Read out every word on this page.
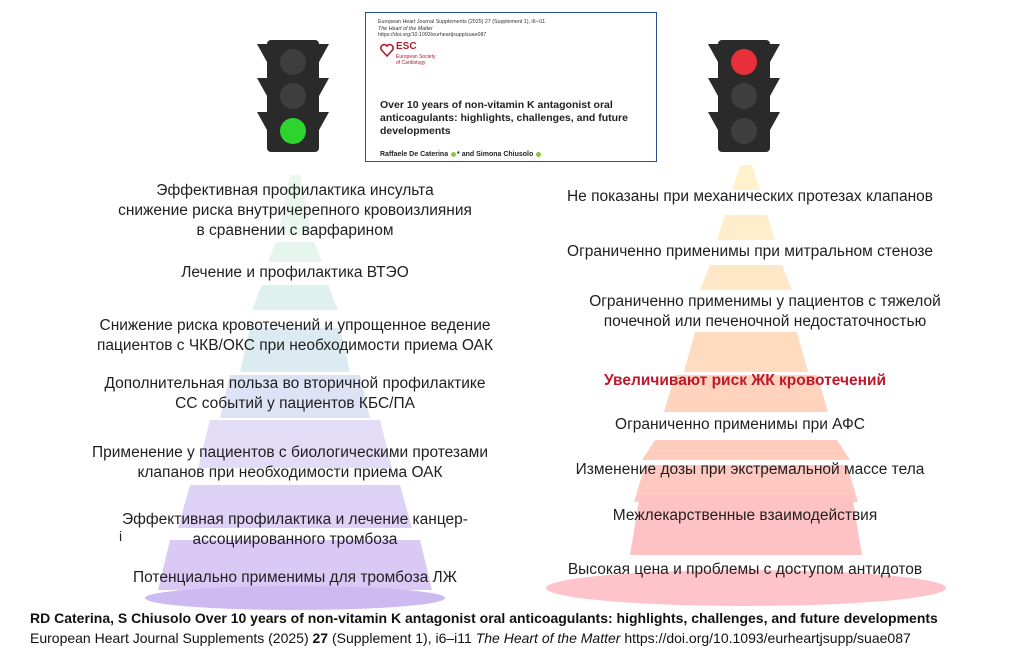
European Heart Journal Supplements (2025) 27 (Supplement 1), i6–i11
The Heart of the Matter
https://doi.org/10.1093/eurheartjsupp/suae087
ESC
European Society
of Cardiology
Over 10 years of non-vitamin K antagonist oral anticoagulants: highlights, challenges, and future developments
Raffaele De Caterina * and Simona Chiusolo
Эффективная профилактика инсульта
снижение риска внутричерепного кровоизлияния
в сравнении с варфарином
Лечение и профилактика ВТЭО
Снижение риска кровотечений и упрощенное ведение
пациентов с ЧКВ/ОКС при необходимости приема ОАК
Дополнительная польза во вторичной профилактике
СС событий у пациентов КБС/ПА
Применение у пациентов с биологическими протезами
клапанов при необходимости приема ОАК
Эффективная профилактика и лечение канцер-
ассоциированного тромбоза
i
Потенциально применимы для тромбоза ЛЖ
Не показаны при механических протезах клапанов
Ограниченно применимы при митральном стенозе
Ограниченно применимы у пациентов с тяжелой
почечной или печеночной недостаточностью
Увеличивают риск ЖК кровотечений
Ограниченно применимы при АФС
Изменение дозы при экстремальной массе тела
Межлекарственные взаимодействия
Высокая цена и проблемы с доступом антидотов
RD Caterina, S Chiusolo Over 10 years of non-vitamin K antagonist oral anticoagulants: highlights, challenges, and future developments
European Heart Journal Supplements (2025) 27 (Supplement 1), i6–i11 The Heart of the Matter https://doi.org/10.1093/eurheartjsupp/suae087
